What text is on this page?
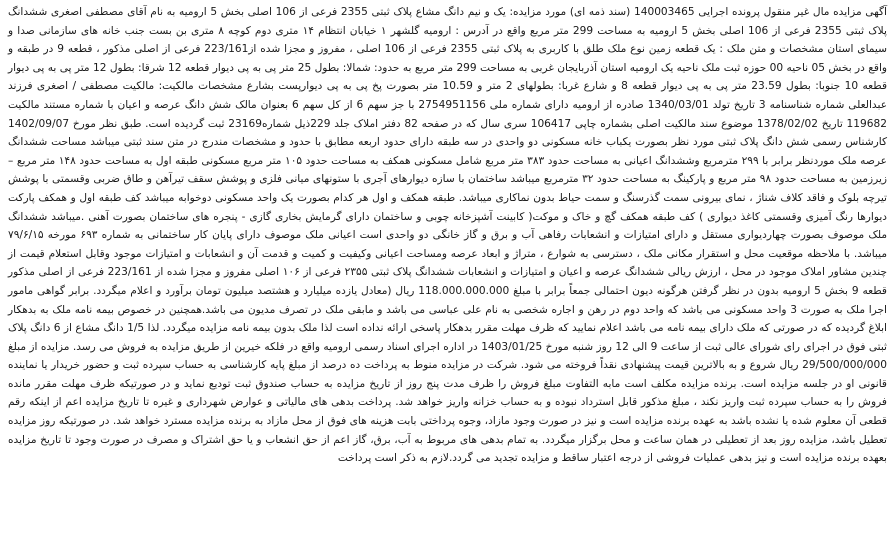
آگهی مزایده مال غیر منقول پرونده اجرایی 140003465 (سند ذمه ای) مورد مزایده: یک و نیم دانگ مشاع پلاک ثبتی 2355 فرعی از 106 اصلی بخش 5 ارومیه به نام آقای مصطفی اصغری ششدانگ پلاک ثبتی 2355 فرعی از 106 اصلی بخش 5 ارومیه به مساحت 299 متر مربع واقع در آدرس : ارومیه گلشهر ۱ خیابان انتظام ۱۴ متری دوم کوچه ۸ متری بن بست جنب خانه های سازمانی صدا و سیمای استان مشخصات و متن ملک : یک قطعه زمین نوع ملک طلق با کاربری به پلاک ثبتی 2355 فرعی از 106 اصلی ، مفروز و مجزا شده از223/161 فرعی از اصلی مذکور ، قطعه 9 در طبقه و واقع در بخش 05 ناحیه 00 حوزه ثبت ملک ناحیه یک ارومیه استان آذربایجان غربی به مساحت 299 متر مربع به حدود: شمالا: بطول 25 متر پی به پی دیوار قطعه 12 شرقا: بطول 12 متر پی به پی دیوار قطعه 10 جنوبا: بطول 23.59 متر پی به پی دیوار قطعه 8 و شارع غربا: بطولهای 2 متر و 10.59 متر بصورت پخ پی به پی دیوارپست بشارع مشخصات مالکیت: مالکیت مصطفی / اصغری فرزند عبدالعلی شماره شناسنامه 3 تاریخ تولد 1340/03/01 صادره از ارومیه دارای شماره ملی 2754951156 با جز سهم 6 از کل سهم 6 بعنوان مالک شش دانگ عرصه و اعیان با شماره مستند مالکیت 119682 تاریخ 1378/02/02 موضوع سند مالکیت اصلی بشماره چاپی 106417 سری سال که در صفحه 82 دفتر املاک جلد 229ذیل شماره23169 ثبت گردیده است. طبق نظر مورخ 1402/09/07 کارشناس رسمی شش دانگ پلاک ثبتی مورد نظر بصورت یکباب خانه مسکونی دو واحدی در سه طبقه دارای حدود اربعه مطابق با حدود و مشخصات مندرج در متن سند ثبتی میباشد مساحت ششدانگ عرصه ملک موردنظر برابر با ۲۹۹ مترمربع وششدانگ اعیانی به مساحت حدود ۳۸۳ متر مربع شامل مسکونی همکف به مساحت حدود ۱۰۵ متر مربع مسکونی طبقه اول به مساحت حدود ۱۴۸ متر مربع – زیرزمین به مساحت حدود ۹۸ متر مربع و پارکینگ به مساحت حدود ۳۲ مترمربع میباشد ساختمان با سازه دیوارهای آجری با ستونهای میانی فلزی و پوشش سقف تیرآهن و طاق ضربی وقسمتی با پوشش تیرچه بلوک و فاقد کلاف شناژ ، نمای بیرونی سمت گذرسنگ و سمت حیاط بدون نماکاری میباشد. طبقه همکف و اول هر کدام بصورت یک واحد مسکونی دوخوابه میباشد کف طبقه اول و همکف پارکت دیوارها رنگ آمیزی وقسمتی کاغذ دیواری ) کف طبقه همکف گچ و خاک و موکت( کابینت آشپزخانه چوبی و ساختمان دارای گرمایش بخاری گازی - پنجره های ساختمان بصورت آهنی .میباشد ششدانگ ملک موصوف بصورت چهاردیواری مستقل و دارای امتیازات و انشعابات رفاهی آب و برق و گاز خانگی دو واحدی است اعیانی ملک موصوف دارای پایان کار ساختمانی به شماره ۶۹۳ مورخه ۷۹/۶/۱۵ میباشد. با ملاحظه موقعیت محل و استقرار مکانی ملک ، دسترسی به شوارع ، متراژ و ابعاد عرصه ومساحت اعیانی وکیفیت و کمیت و قدمت آن و انشعابات و امتیازات موجود وقابل استعلام قیمت از چندین مشاور املاک موجود در محل ، ارزش ریالی ششدانگ عرصه و اعیان و امتیازات و انشعابات ششدانگ پلاک ثبتی ۲۳۵۵ فرعی از ۱۰۶ اصلی مفروز و مجزا شده از 223/161 فرعی از اصلی مذکور قطعه 9 بخش 5 ارومیه بدون در نظر گرفتن هرگونه دیون احتمالی جمعاً برابر با مبلغ 118.000.000.000 ریال (معادل یازده میلیارد و هشتصد میلیون تومان برآورد و اعلام میگردد. برابر گواهی مامور اجرا ملک به صورت 3 واحد مسکونی می باشد که واحد دوم در رهن و اجاره شخصی به نام علی عباسی می باشد و مابقی ملک در تصرف مدیون می باشد.همچنین در خصوص بیمه نامه ملک به بدهکار ابلاغ گردیده که در صورتی که ملک دارای بیمه نامه می باشد اعلام نمایید که ظرف مهلت مقرر بدهکار پاسخی ارائه نداده است لذا ملک بدون بیمه نامه مزایده میگردد. لذا 1/5 دانگ مشاع از 6 دانگ پلاک ثبتی فوق در اجرای رای شورای عالی ثبت از ساعت 9 الی 12 روز شنبه مورخ 1403/01/25 در اداره اجرای اسناد رسمی ارومیه واقع در فلکه خیرین از طریق مزایده به فروش می رسد. مزایده از مبلغ 29/500/000/000 ریال شروع و به بالاترین قیمت پیشنهادی نقداً فروخته می شود. شرکت در مزایده منوط به پرداخت ده درصد از مبلغ پایه کارشناسی به حساب سپرده ثبت و حضور خریدار یا نماینده قانونی او در جلسه مزایده است. برنده مزایده مکلف است مابه التفاوت مبلغ فروش را ظرف مدت پنج روز از تاریخ مزایده به حساب صندوق ثبت تودیع نماید و در صورتیکه ظرف مهلت مقرر مانده فروش را به حساب سپرده ثبت واریز نکند ، مبلغ مذکور قابل استرداد نبوده و به حساب خزانه واریز خواهد شد. پرداخت بدهی های مالیاتی و عوارض شهرداری و غیره تا تاریخ مزایده اعم از اینکه رقم قطعی آن معلوم شده یا نشده باشد به عهده برنده مزایده است و نیز در صورت وجود مازاد، وجوه پرداختی بابت هزینه های فوق از محل مازاد به برنده مزایده مسترد خواهد شد. در صورتیکه روز مزایده تعطیل باشد، مزایده روز بعد از تعطیلی در همان ساعت و محل برگزار میگردد. به تمام بدهی های مربوط به آب، برق، گاز اعم از حق انشعاب و یا حق اشتراک و مصرف در صورت وجود تا تاریخ مزایده بعهده برنده مزایده است و نیز بدهی عملیات فروشی از درجه اعتبار ساقط و مزایده تجدید می گردد.لازم به ذکر است پرداخت
